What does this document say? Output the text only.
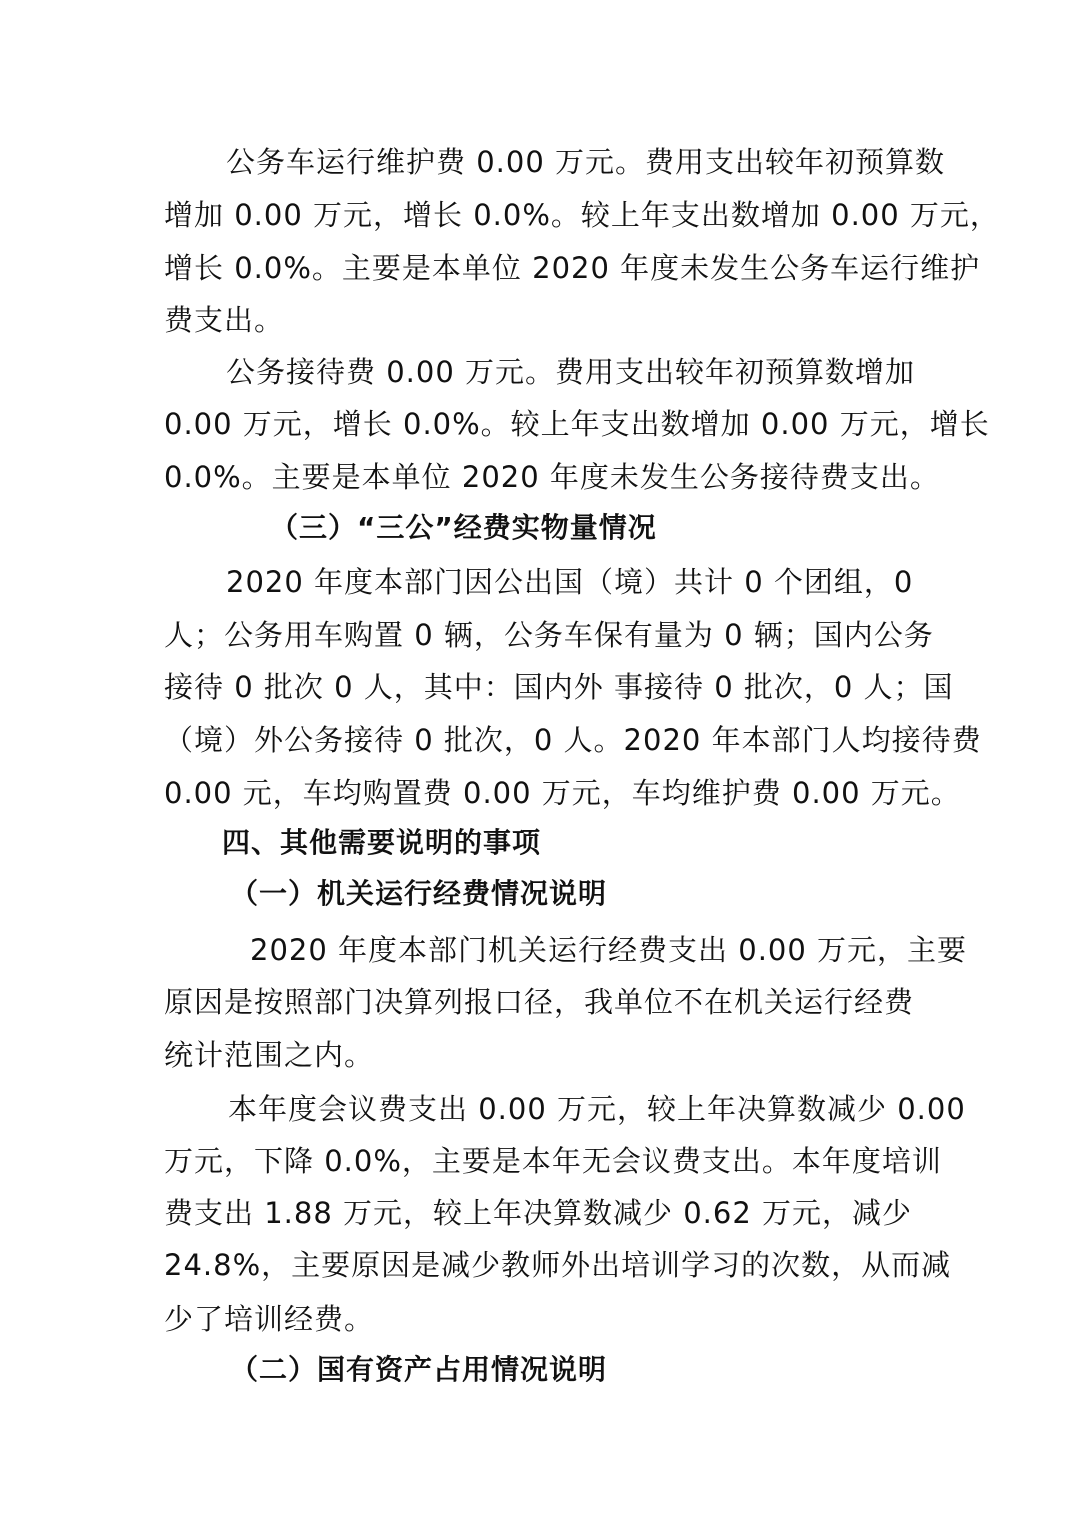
公务车运行维护费 0.00 万元。费用支出较年初预算数
增加 0.00 万元，增长 0.0%。较上年支出数增加 0.00 万元，
增长 0.0%。主要是本单位 2020 年度未发生公务车运行维护
费支出。
公务接待费 0.00 万元。费用支出较年初预算数增加
0.00 万元，增长 0.0%。较上年支出数增加 0.00 万元，增长
0.0%。主要是本单位 2020 年度未发生公务接待费支出。
（三）“三公”经费实物量情况
2020 年度本部门因公出国（境）共计 0 个团组，0
人；公务用车购置 0 辆，公务车保有量为 0 辆；国内公务
接待 0 批次 0 人，其中：国内外 事接待 0 批次，0 人；国
（境）外公务接待 0 批次，0 人。2020 年本部门人均接待费
0.00 元，车均购置费 0.00 万元，车均维护费 0.00 万元。
四、其他需要说明的事项
（一）机关运行经费情况说明
2020 年度本部门机关运行经费支出 0.00 万元，主要
原因是按照部门决算列报口径，我单位不在机关运行经费
统计范围之内。
本年度会议费支出 0.00 万元，较上年决算数减少 0.00
万元，下降 0.0%，主要是本年无会议费支出。本年度培训
费支出 1.88 万元，较上年决算数减少 0.62 万元，减少
24.8%，主要原因是减少教师外出培训学习的次数，从而减
少了培训经费。
（二）国有资产占用情况说明
